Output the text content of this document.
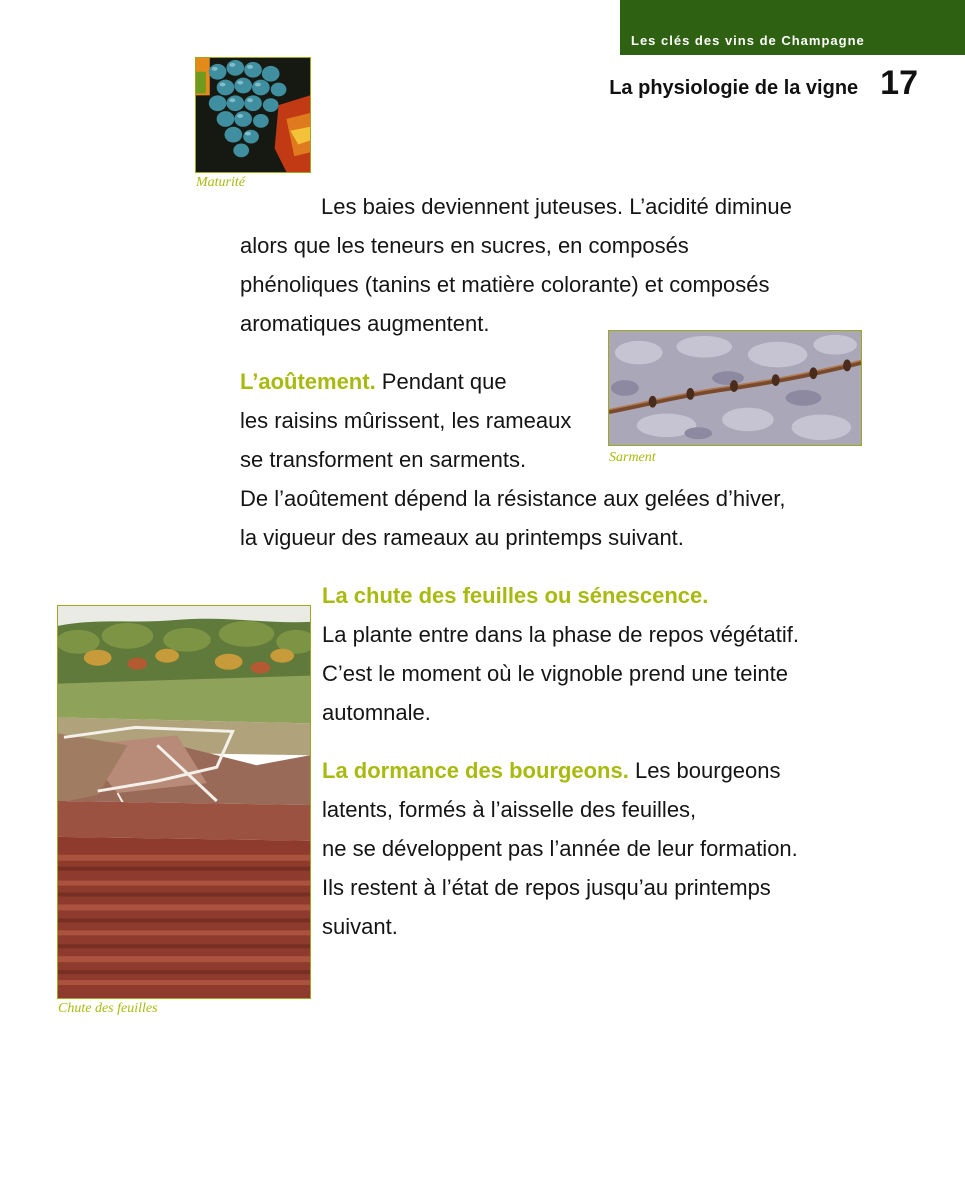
Les clés des vins de Champagne
La physiologie de la vigne 17
Maturité
Les baies deviennent juteuses. L’acidité diminue
alors que les teneurs en sucres, en composés
phénoliques (tanins et matière colorante) et composés
aromatiques augmentent.
Sarment
L’aoûtement. Pendant que
les raisins mûrissent, les rameaux
se transforment en sarments.
De l’aoûtement dépend la résistance aux gelées d’hiver,
la vigueur des rameaux au printemps suivant.
Chute des feuilles
La chute des feuilles ou sénescence.
La plante entre dans la phase de repos végétatif.
C’est le moment où le vignoble prend une teinte
automnale.
La dormance des bourgeons. Les bourgeons
latents, formés à l’aisselle des feuilles,
ne se développent pas l’année de leur formation.
Ils restent à l’état de repos jusqu’au printemps
suivant.
